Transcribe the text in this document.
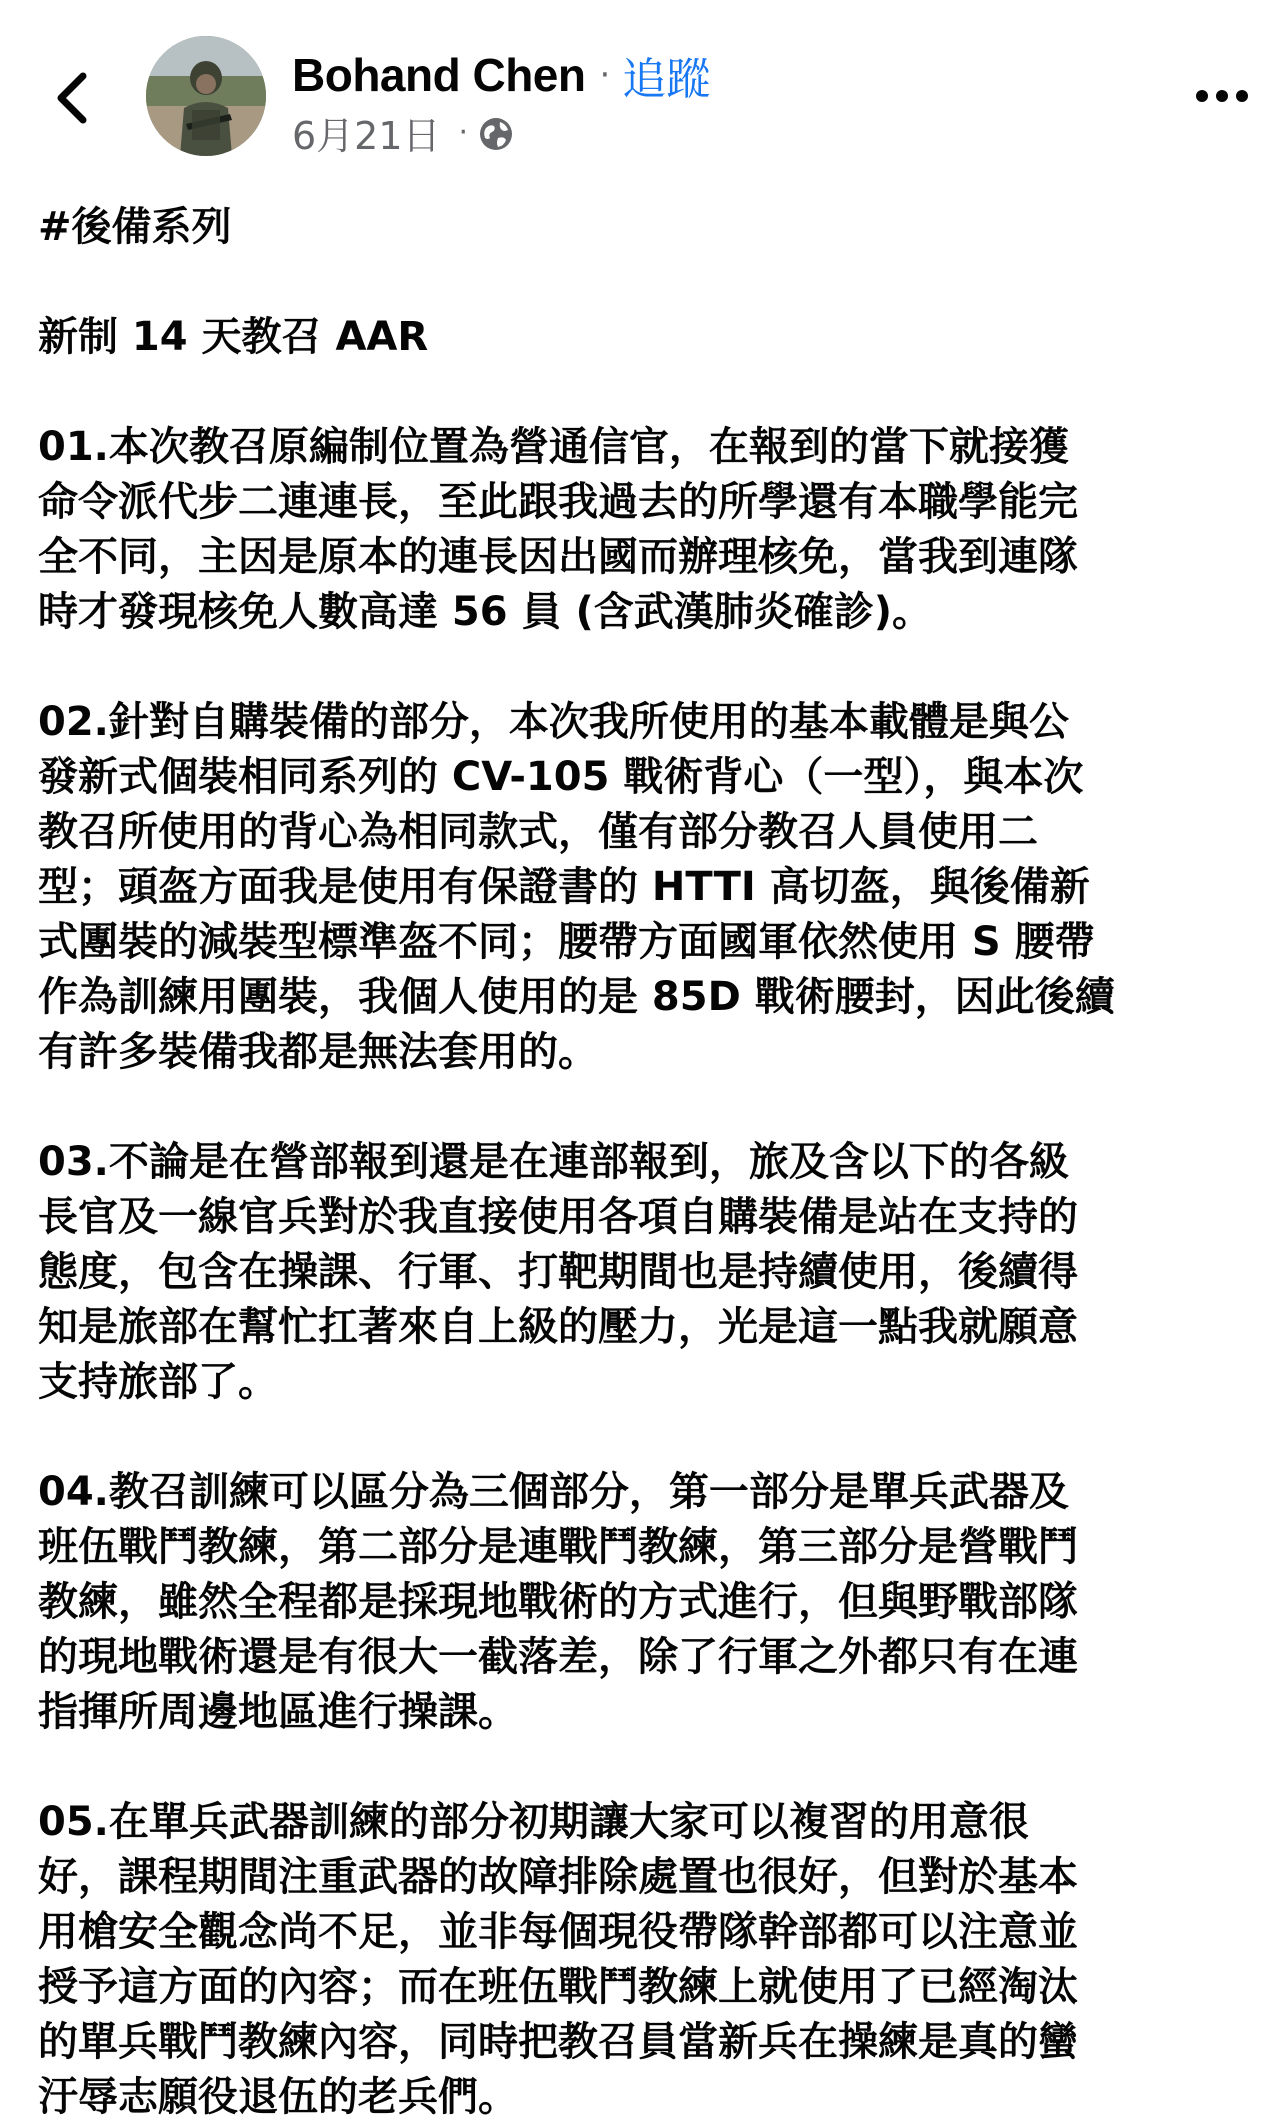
Bohand Chen · 追蹤
6月21日 ·
#後備系列
新制 14 天教召 AAR
01.本次教召原編制位置為營通信官，在報到的當下就接獲
命令派代步二連連長，至此跟我過去的所學還有本職學能完
全不同，主因是原本的連長因出國而辦理核免，當我到連隊
時才發現核免人數高達 56 員 (含武漢肺炎確診)。
02.針對自購裝備的部分，本次我所使用的基本載體是與公
發新式個裝相同系列的 CV-105 戰術背心（一型），與本次
教召所使用的背心為相同款式，僅有部分教召人員使用二
型；頭盔方面我是使用有保證書的 HTTI 高切盔，與後備新
式團裝的減裝型標準盔不同；腰帶方面國軍依然使用 S 腰帶
作為訓練用團裝，我個人使用的是 85D 戰術腰封，因此後續
有許多裝備我都是無法套用的。
03.不論是在營部報到還是在連部報到，旅及含以下的各級
長官及一線官兵對於我直接使用各項自購裝備是站在支持的
態度，包含在操課、行軍、打靶期間也是持續使用，後續得
知是旅部在幫忙扛著來自上級的壓力，光是這一點我就願意
支持旅部了。
04.教召訓練可以區分為三個部分，第一部分是單兵武器及
班伍戰鬥教練，第二部分是連戰鬥教練，第三部分是營戰鬥
教練，雖然全程都是採現地戰術的方式進行，但與野戰部隊
的現地戰術還是有很大一截落差，除了行軍之外都只有在連
指揮所周邊地區進行操課。
05.在單兵武器訓練的部分初期讓大家可以複習的用意很
好，課程期間注重武器的故障排除處置也很好，但對於基本
用槍安全觀念尚不足，並非每個現役帶隊幹部都可以注意並
授予這方面的內容；而在班伍戰鬥教練上就使用了已經淘汰
的單兵戰鬥教練內容，同時把教召員當新兵在操練是真的蠻
汙辱志願役退伍的老兵們。
